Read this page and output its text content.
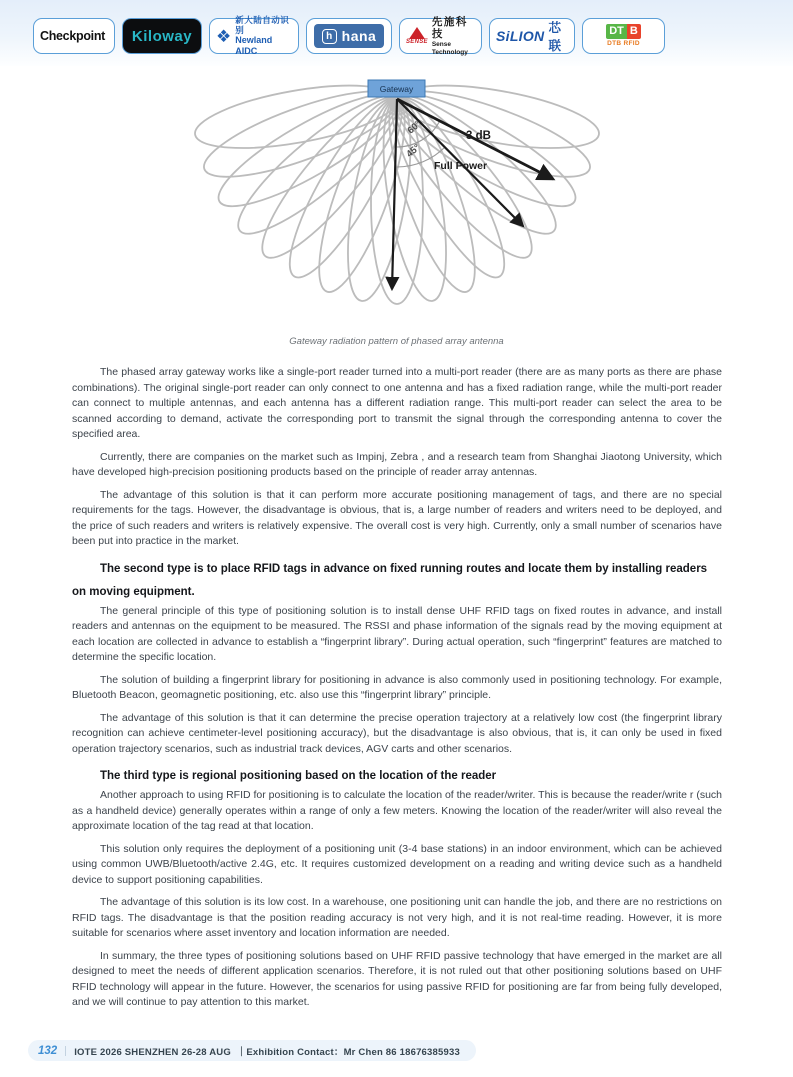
Checkpoint Kiloway ❖
新大陆自动识别
Newland AIDC
h hana	SENSE
先施科技
Sense Technology
SiLION 芯联
DT B
DTB RFID
60°
45°
3 dB
Full Power
Gateway
Gateway radiation pattern of phased array antenna

The phased array gateway works like a single-port reader turned into a multi-port reader (there are as many ports as there are phase combinations). The original single-port reader can only connect to one antenna and has a fixed radiation range, while the multi-port reader can connect to multiple antennas, and each antenna has a different radiation range. This multi-port reader can select the area to be scanned according to demand, activate the corresponding port to transmit the signal through the corresponding antenna to cover the specified area.

Currently, there are companies on the market such as Impinj, Zebra , and a research team from Shanghai Jiaotong University, which have developed high-precision positioning products based on the principle of reader array antennas.

The advantage of this solution is that it can perform more accurate positioning management of tags, and there are no special requirements for the tags. However, the disadvantage is obvious, that is, a large number of readers and writers need to be deployed, and the price of such readers and writers is relatively expensive. The overall cost is very high. Currently, only a small number of scenarios have been put into practice in the market.

The second type is to place RFID tags in advance on fixed running routes and locate them by installing readers on moving equipment.

The general principle of this type of positioning solution is to install dense UHF RFID tags on fixed routes in advance, and install readers and antennas on the equipment to be measured. The RSSI and phase information of the signals read by the moving equipment at each location are collected in advance to establish a “fingerprint library”. During actual operation, such “fingerprint” features are matched to determine the specific location.

The solution of building a fingerprint library for positioning in advance is also commonly used in positioning technology. For example, Bluetooth Beacon, geomagnetic positioning, etc. also use this “fingerprint library” principle.

The advantage of this solution is that it can determine the precise operation trajectory at a relatively low cost (the fingerprint library recognition can achieve centimeter-level positioning accuracy), but the disadvantage is also obvious, that is, it can only be used in fixed operation trajectory scenarios, such as industrial track devices, AGV carts and other scenarios.

The third type is regional positioning based on the location of the reader

Another approach to using RFID for positioning is to calculate the location of the reader/writer. This is because the reader/write r (such as a handheld device) generally operates within a range of only a few meters. Knowing the location of the reader/writer will also reveal the approximate location of the tag read at that location.

This solution only requires the deployment of a positioning unit (3-4 base stations) in an indoor environment, which can be achieved using common UWB/Bluetooth/active 2.4G, etc. It requires customized development on a reading and writing device such as a handheld device to support positioning capabilities.

The advantage of this solution is its low cost. In a warehouse, one positioning unit can handle the job, and there are no restrictions on RFID tags. The disadvantage is that the position reading accuracy is not very high, and it is not real-time reading. However, it is more suitable for scenarios where asset inventory and location information are needed.

In summary, the three types of positioning solutions based on UHF RFID passive technology that have emerged in the market are all designed to meet the needs of different application scenarios. Therefore, it is not ruled out that other positioning solutions based on UHF RFID technology will appear in the future. However, the scenarios for using passive RFID for positioning are far from being fully developed, and we will continue to pay attention to this market.

132 IOTE 2026 SHENZHEN 26-28 AUG ｜Exhibition Contact：Mr Chen 86 18676385933
